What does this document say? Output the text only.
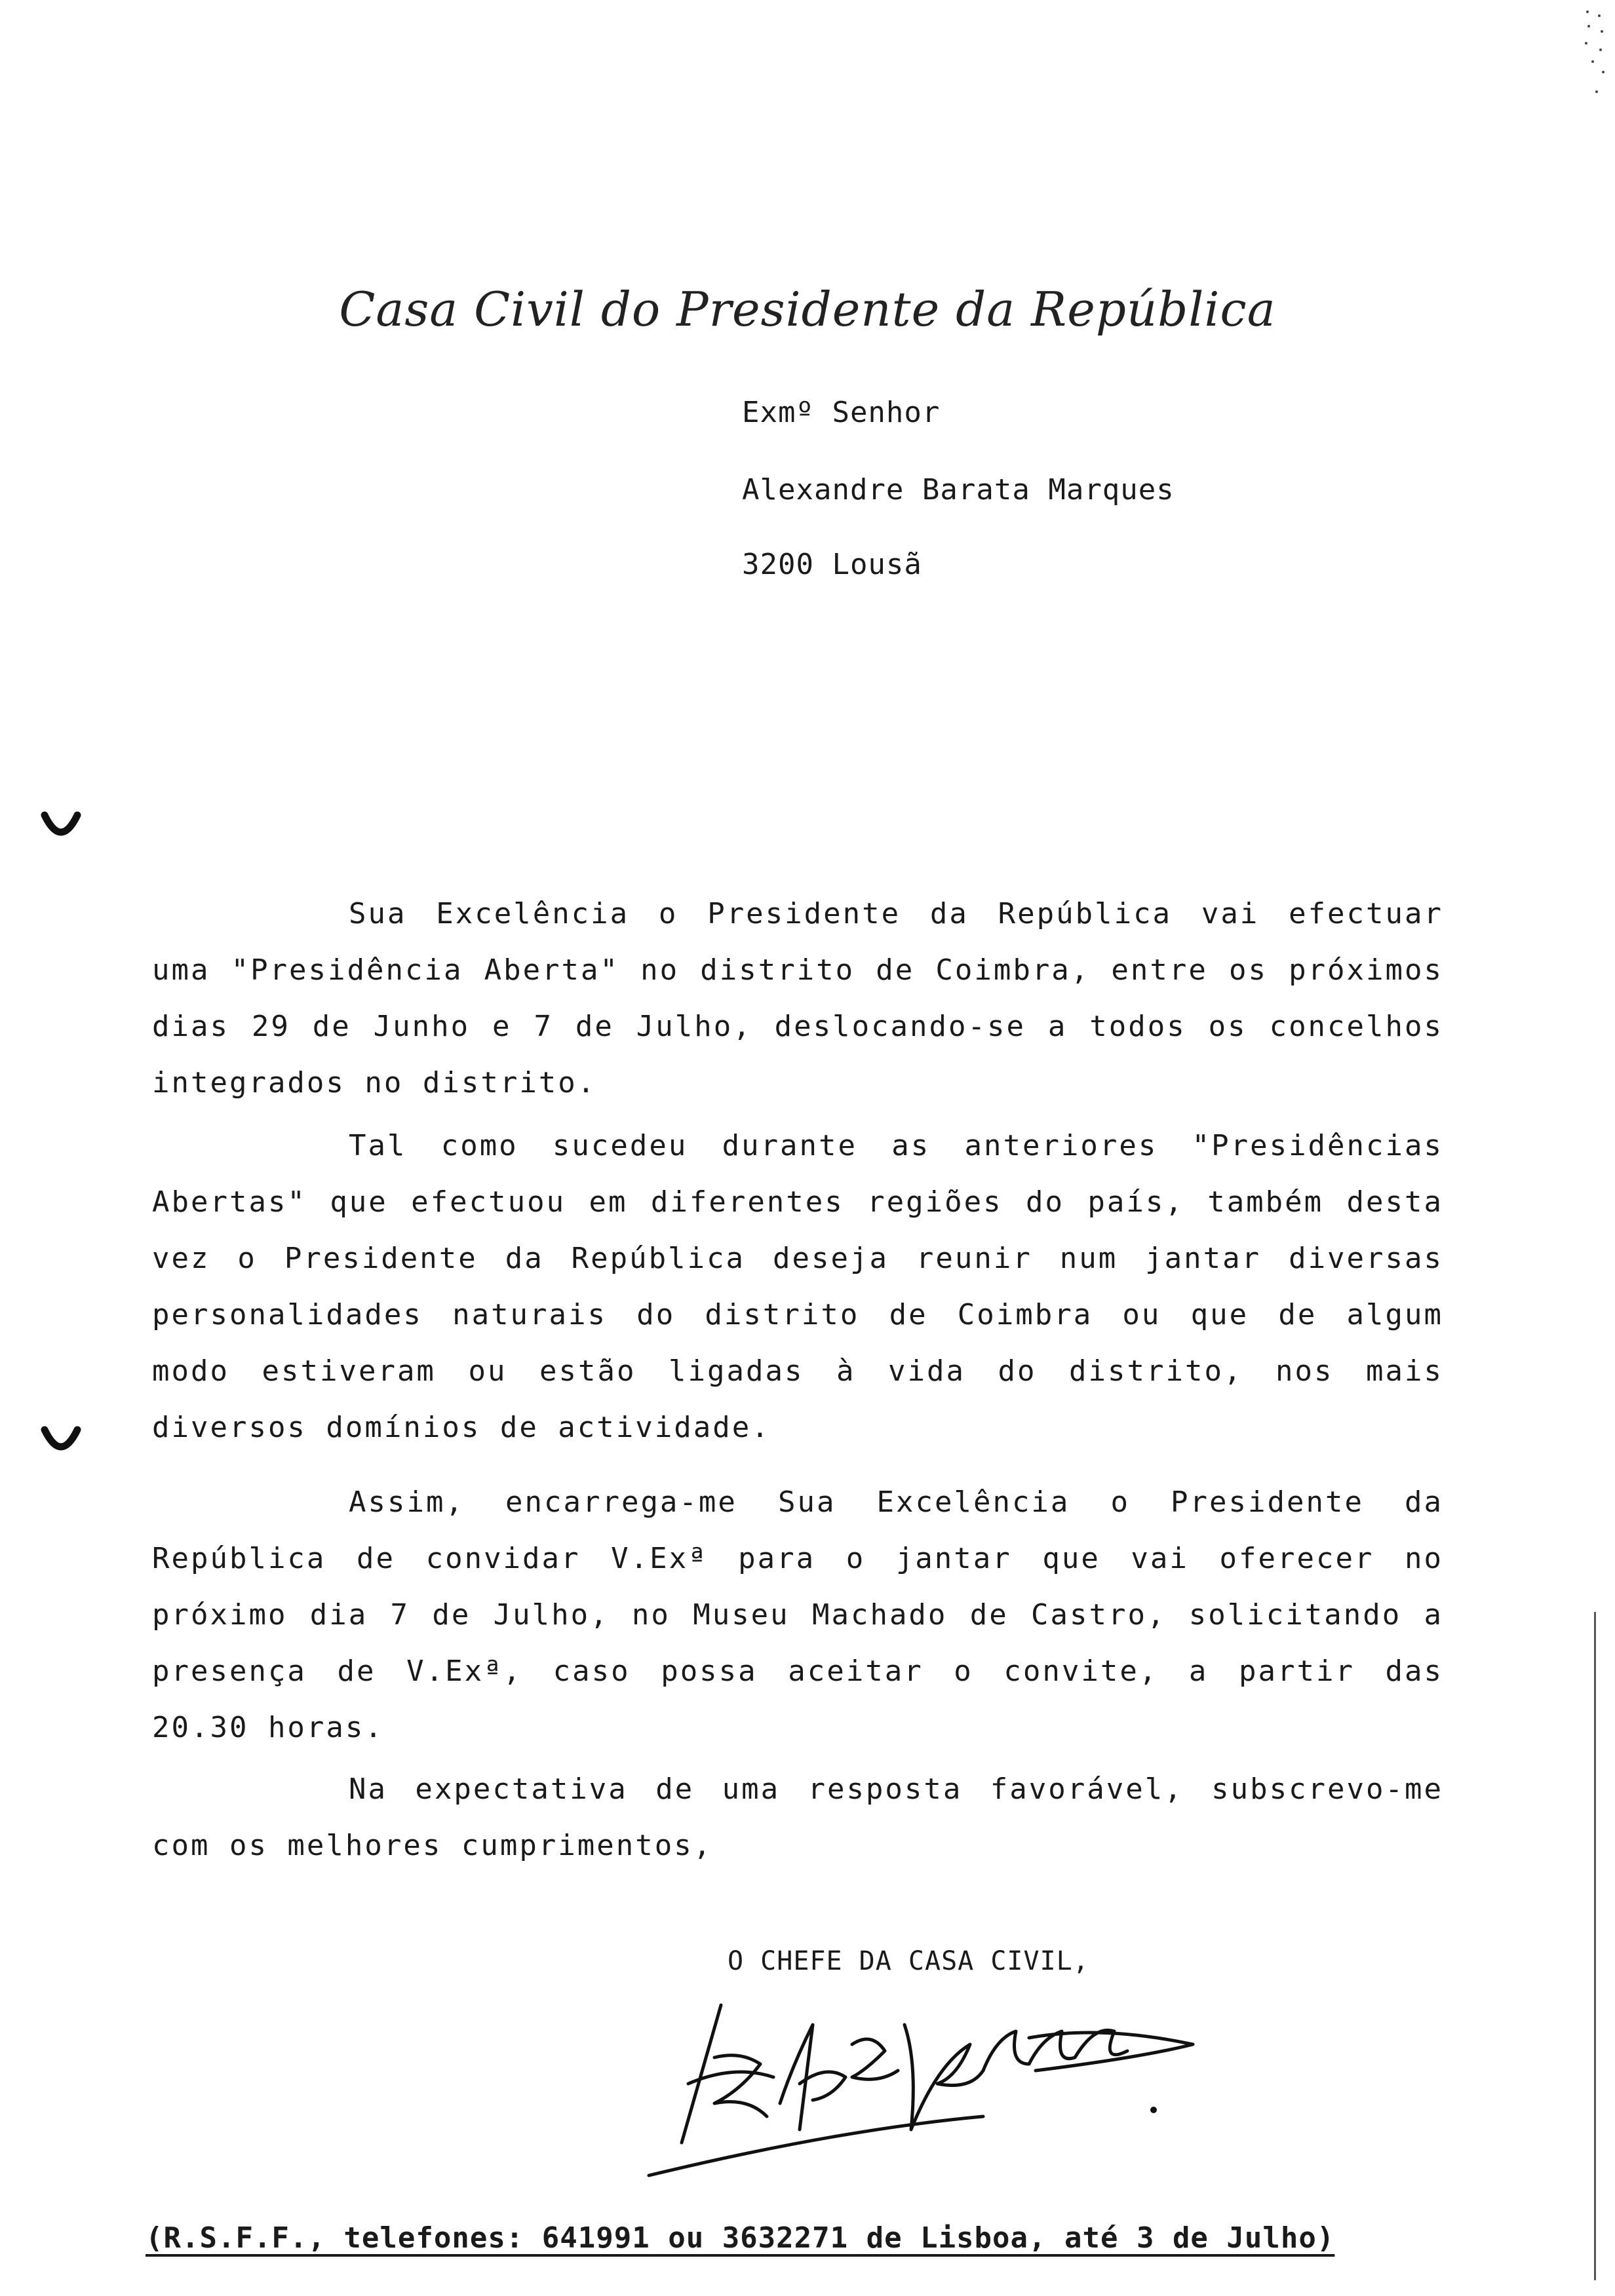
Casa Civil do Presidente da República
Exmº Senhor
Alexandre Barata Marques
3200 Lousã
Sua Excelência o Presidente da República vai efectuar uma "Presidência Aberta" no distrito de Coimbra, entre os próximos dias 29 de Junho e 7 de Julho, deslocando-se a todos os concelhos integrados no distrito.
Tal como sucedeu durante as anteriores "Presidências Abertas" que efectuou em diferentes regiões do país, também desta vez o Presidente da República deseja reunir num jantar diversas personalidades naturais do distrito de Coimbra ou que de algum modo estiveram ou estão ligadas à vida do distrito, nos mais diversos domínios de actividade.
Assim, encarrega-me Sua Excelência o Presidente da República de convidar V.Exª para o jantar que vai oferecer no próximo dia 7 de Julho, no Museu Machado de Castro, solicitando a presença de V.Exª, caso possa aceitar o convite, a partir das 20.30 horas.
Na expectativa de uma resposta favorável, subscrevo-me com os melhores cumprimentos,
O CHEFE DA CASA CIVIL,
(R.S.F.F., telefones: 641991 ou 3632271 de Lisboa, até 3 de Julho)
